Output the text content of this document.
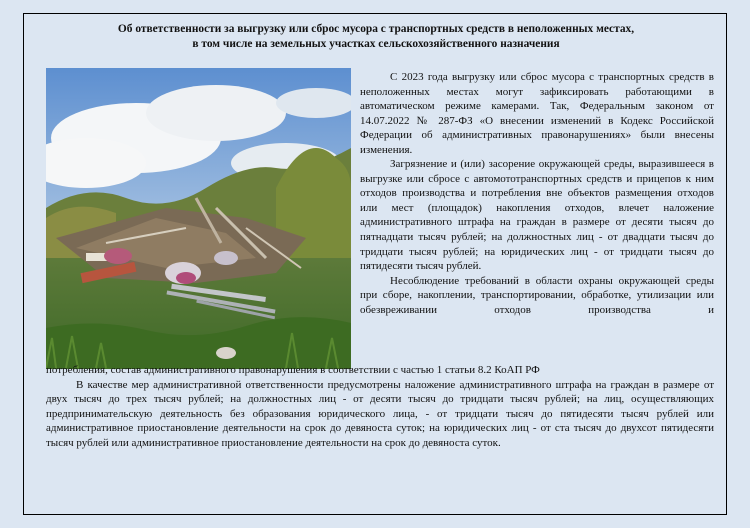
Об ответственности за выгрузку или сброс мусора с транспортных средств в неположенных местах,
в том числе на земельных участках сельскохозяйственного назначения

С 2023 года выгрузку или сброс мусора с транспортных средств в неположенных местах могут зафиксировать работающими в автоматическом режиме камерами. Так, Федеральным законом от 14.07.2022 № 287-ФЗ «О внесении изменений в Кодекс Российской Федерации об административных правонарушениях» были внесены изменения.

Загрязнение и (или) засорение окружающей среды, выразившееся в выгрузке или сбросе с автомототранспортных средств и прицепов к ним отходов производства и потребления вне объектов размещения отходов или мест (площадок) накопления отходов, влечет наложение административного штрафа на граждан в размере от десяти тысяч до пятнадцати тысяч рублей; на должностных лиц - от двадцати тысяч до тридцати тысяч рублей; на юридических лиц - от тридцати тысяч до пятидесяти тысяч рублей.

Несоблюдение требований в области охраны окружающей среды при сборе, накоплении, транспортировании, обработке, утилизации или обезвреживании отходов производства и

потребления, состав административного правонарушения в соответствии с частью 1 статьи 8.2 КоАП РФ

В качестве мер административной ответственности предусмотрены наложение административного штрафа на граждан в размере от двух тысяч до трех тысяч рублей; на должностных лиц - от десяти тысяч до тридцати тысяч рублей; на лиц, осуществляющих предпринимательскую деятельность без образования юридического лица, - от тридцати тысяч до пятидесяти тысяч рублей или административное приостановление деятельности на срок до девяноста суток; на юридических лиц - от ста тысяч до двухсот пятидесяти тысяч рублей или административное приостановление деятельности на срок до девяноста суток.
